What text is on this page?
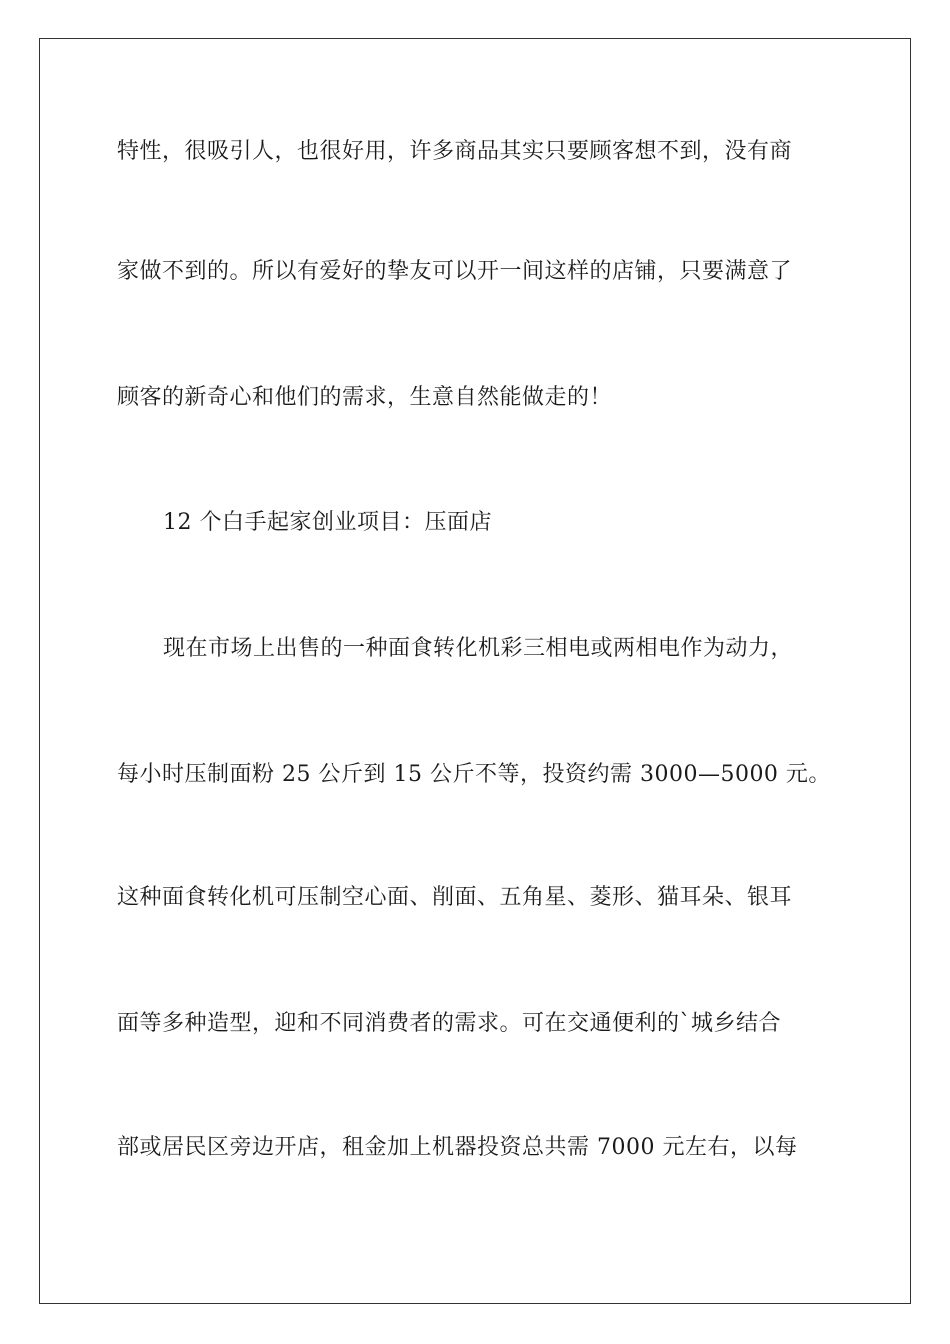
特性，很吸引人，也很好用，许多商品其实只要顾客想不到，没有商
家做不到的。所以有爱好的挚友可以开一间这样的店铺，只要满意了
顾客的新奇心和他们的需求，生意自然能做走的！
12 个白手起家创业项目：压面店
现在市场上出售的一种面食转化机彩三相电或两相电作为动力，
每小时压制面粉 25 公斤到 15 公斤不等，投资约需 3000—5000 元。
这种面食转化机可压制空心面、削面、五角星、菱形、猫耳朵、银耳
面等多种造型，迎和不同消费者的需求。可在交通便利的`城乡结合
部或居民区旁边开店，租金加上机器投资总共需 7000 元左右，以每
